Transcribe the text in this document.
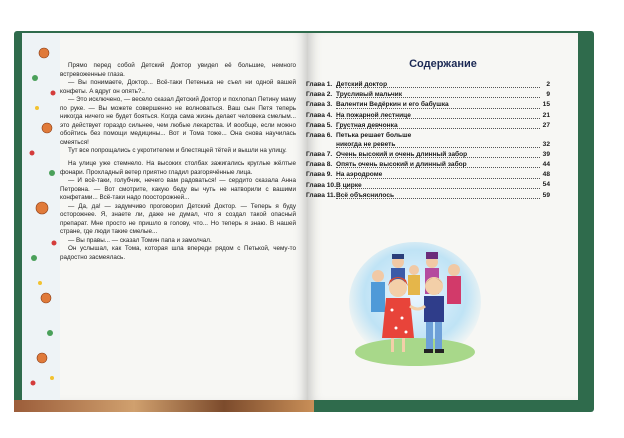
Прямо перед собой Детский Доктор увидел её большие, немного встревоженные глаза.

— Вы понимаете, Доктор... Всё-таки Петенька не съел ни одной вашей конфеты. А вдруг он опять?..

— Это исключено, — весело сказал Детский Доктор и похлопал Петину маму по руке. — Вы можете совершенно не волноваться. Ваш сын Петя теперь никогда ничего не будет бояться. Когда сама жизнь делает человека смелым... это действует гораздо сильнее, чем любые лекарства. И вообще, если можно обойтись без помощи медицины... Вот и Тома тоже... Она снова научилась смеяться!

Тут все попрощались с укротителем и блестящей тётей и вышли на улицу.

На улице уже стемнело. На высоких столбах зажигались круглые жёлтые фонари. Прохладный ветер приятно гладил разгорячённые лица.

— И всё-таки, голубчик, нечего вам радоваться! — сердито сказала Анна Петровна. — Вот смотрите, какую беду вы чуть не натворили с вашими конфетами... Всё-таки надо поосторожней...

— Да, да! — задумчиво проговорил Детский Доктор. — Теперь я буду осторожнее. Я, знаете ли, даже не думал, что я создал такой опасный препарат. Мне просто не пришло в голову, что... Но теперь я знаю. В нашей стране, где люди такие смелые...

— Вы правы... — сказал Томин папа и замолчал.

Он услышал, как Тома, которая шла впереди рядом с Петькой, чему-то радостно засмеялась.

Содержание
Глава 1. Детский доктор	2
Глава 2. Трусливый мальчик	9
Глава 3. Валентин Ведёркин и его бабушка	15
Глава 4. На пожарной лестнице	21
Глава 5. Грустная девчонка	27
Глава 6. Петька решает больше никогда не реветь	32
Глава 7. Очень высокий и очень длинный забор	39
Глава 8. Опять очень высокий и длинный забор	44
Глава 9. На аэродроме	48
Глава 10. В цирке	54
Глава 11. Всё объяснилось	59
